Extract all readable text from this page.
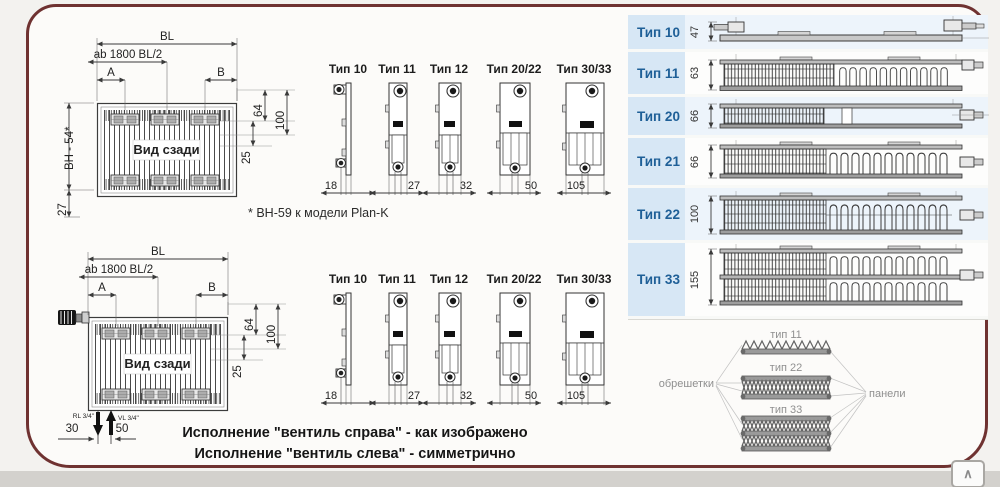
Вид сзади
BL
ab 1800 BL/2
A	B
ВН - 54*
27
64
100
25
* ВН-59 к модели Plan-K
Вид сзади
BL
ab 1800 BL/2
A	B
64
100
25
RL 3/4"	VL 3/4"
30	50
Тип 10
18
Тип 11
27
Тип 12
32
Тип 20/22
50
Тип 30/33
105
Тип 10
18
Тип 11
27
Тип 12
32
Тип 20/22
50
Тип 30/33
105
Исполнение "вентиль справа" - как изображено
Исполнение "вентиль слева" - симметрично
Тип 10 47
Тип 11 63
Тип 20 66
Тип 21 66
Тип 22 100
Тип 33 155
тип 11
тип 22
тип 33
обрешетки
панели
∧
